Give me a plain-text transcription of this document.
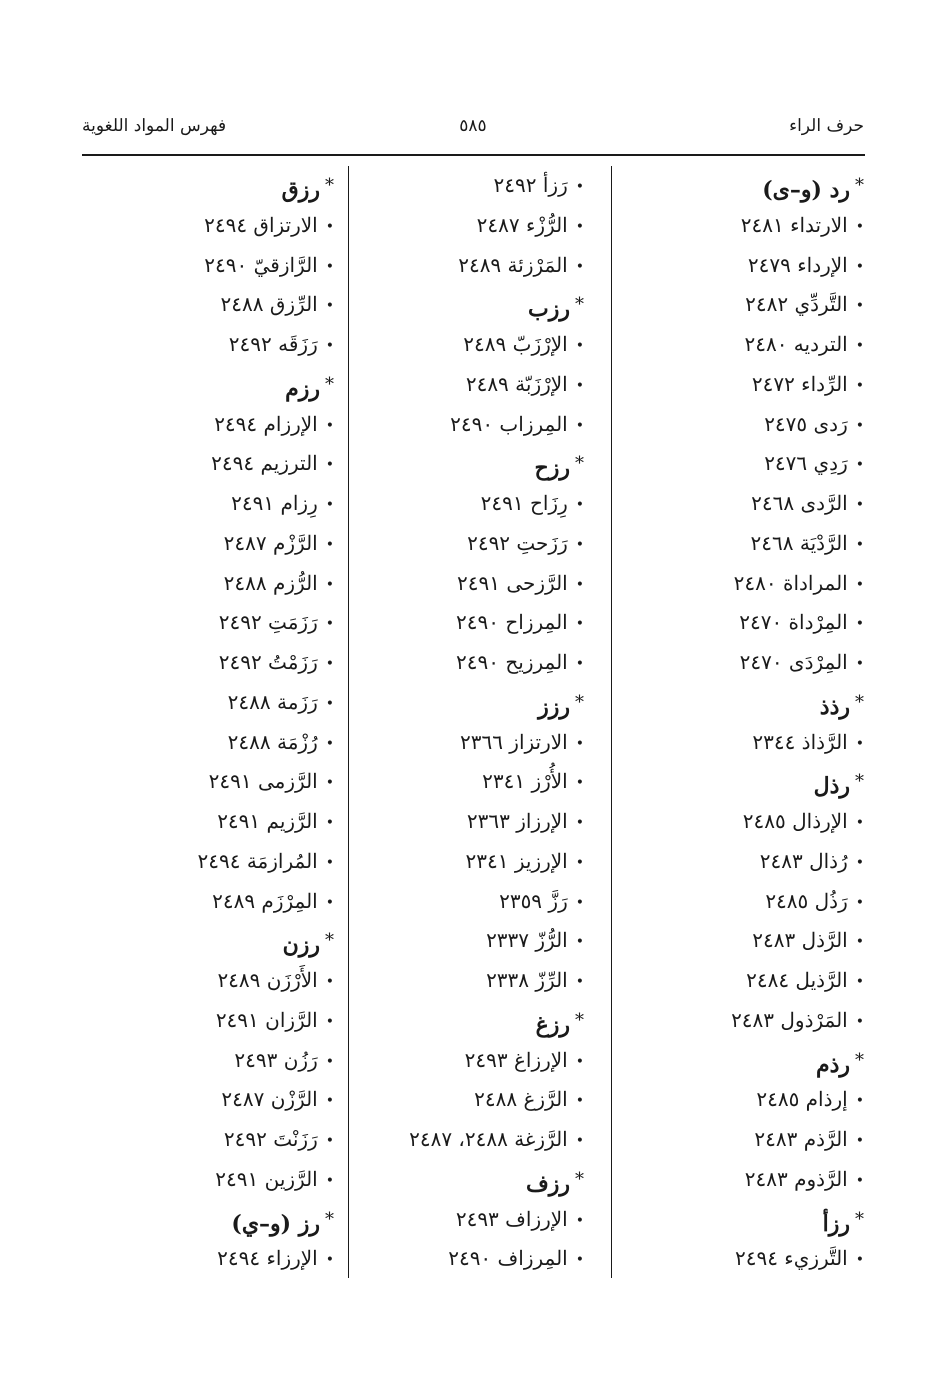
حرف الراء
٥٨٥
فهرس المواد اللغوية
*رد (و–ى)
•الارتداء ٢٤٨١
•الإرداء ٢٤٧٩
•التَّردِّي ٢٤٨٢
•الترديه ٢٤٨٠
•الرِّداء ٢٤٧٢
•رَدى ٢٤٧٥
•رَدِي ٢٤٧٦
•الرَّدى ٢٤٦٨
•الرَّدْيَة ٢٤٦٨
•المراداة ٢٤٨٠
•المِرْداة ٢٤٧٠
•المِرْدَى ٢٤٧٠
*رذذ
•الرَّذاذ ٢٣٤٤
*رذل
•الإرذال ٢٤٨٥
•رُذال ٢٤٨٣
•رَذُل ٢٤٨٥
•الرَّذل ٢٤٨٣
•الرَّذيل ٢٤٨٤
•المَرْذول ٢٤٨٣
*رذم
•إرذام ٢٤٨٥
•الرَّذم ٢٤٨٣
•الرَّذوم ٢٤٨٣
*رزأ
•التَّرزيء ٢٤٩٤
•رَزأ ٢٤٩٢
•الرُّزْء ٢٤٨٧
•المَرْزئة ٢٤٨٩
*رزب
•الإرْزَبّ ٢٤٨٩
•الإرْزَبّة ٢٤٨٩
•المِرزاب ٢٤٩٠
*رزح
•رِزَاح ٢٤٩١
•رَزَحتِ ٢٤٩٢
•الرَّزحى ٢٤٩١
•المِرزاح ٢٤٩٠
•المِرزيح ٢٤٩٠
*رزز
•الارتزاز ٢٣٦٦
•الأُرْز ٢٣٤١
•الإرزاز ٢٣٦٣
•الإرزيز ٢٣٤١
•رَزَّ ٢٣٥٩
•الرُّزّ ٢٣٣٧
•الرِّزّ ٢٣٣٨
*رزغ
•الإرزاغ ٢٤٩٣
•الرَّزغ ٢٤٨٨
•الرَّزغة ٢٤٨٨، ٢٤٨٧
*رزف
•الإرزاف ٢٤٩٣
•المِرزاف ٢٤٩٠
*رزق
•الارتزاق ٢٤٩٤
•الرَّازقيّ ٢٤٩٠
•الرِّزق ٢٤٨٨
•رَزَقَه ٢٤٩٢
*رزم
•الإرزام ٢٤٩٤
•الترزيم ٢٤٩٤
•رِزام ٢٤٩١
•الرَّزْم ٢٤٨٧
•الرُّزم ٢٤٨٨
•رَزَمَتِ ٢٤٩٢
•رَزَمْتُ ٢٤٩٢
•رَزَمة ٢٤٨٨
•رُزْمَة ٢٤٨٨
•الرَّزمى ٢٤٩١
•الرَّزيم ٢٤٩١
•المُرازمَة ٢٤٩٤
•المِرْزَم ٢٤٨٩
*رزن
•الأَرْزَن ٢٤٨٩
•الرَّزان ٢٤٩١
•رَزُن ٢٤٩٣
•الرَّزْن ٢٤٨٧
•رَزَنْتَ ٢٤٩٢
•الرَّزين ٢٤٩١
*رز (و–ي)
•الإرزاء ٢٤٩٤
